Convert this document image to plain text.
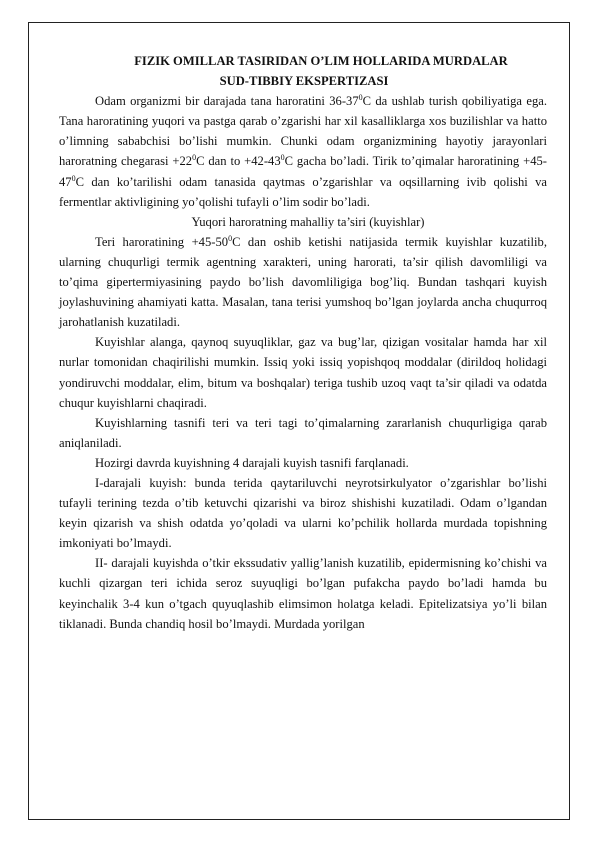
FIZIK OMILLAR TASIRIDAN O’LIM HOLLARIDA MURDALAR
SUD-TIBBIY EKSPERTIZASI

Odam organizmi bir darajada tana haroratini $36-37^0C$ da ushlab turish qobiliyatiga ega. Tana haroratining yuqori va pastga qarab o’zgarishi har xil kasalliklarga xos buzilishlar va hatto o’limning sababchisi bo’lishi mumkin. Chunki odam organizmining hayotiy jarayonlari haroratning chegarasi $+22^0C$ dan to $+42-43^0C$ gacha bo’ladi. Tirik to’qimalar haroratining $+45-47^0C$ dan ko’tarilishi odam tanasida qaytmas o’zgarishlar va oqsillarning ivib qolishi va fermentlar aktivligining yo’qolishi tufayli o’lim sodir bo’ladi.

Yuqori haroratning mahalliy ta’siri (kuyishlar)

Teri haroratining $+45-50^0C$ dan oshib ketishi natijasida termik kuyishlar kuzatilib, ularning chuqurligi termik agentning xarakteri, uning harorati, ta’sir qilish davomliligi va to’qima gipertermiyasining paydo bo’lish davomliligiga bog’liq. Bundan tashqari kuyish joylashuvining ahamiyati katta. Masalan, tana terisi yumshoq bo’lgan joylarda ancha chuqurroq jarohatlanish kuzatiladi.

Kuyishlar alanga, qaynoq suyuqliklar, gaz va bug’lar, qizigan vositalar hamda har xil nurlar tomonidan chaqirilishi mumkin. Issiq yoki issiq yopishqoq moddalar (dirildoq holidagi yondiruvchi moddalar, elim, bitum va boshqalar) teriga tushib uzoq vaqt ta’sir qiladi va odatda chuqur kuyishlarni chaqiradi.

Kuyishlarning tasnifi teri va teri tagi to’qimalarning zararlanish chuqurligiga qarab aniqlaniladi.

Hozirgi davrda kuyishning 4 darajali kuyish tasnifi farqlanadi.

I-darajali kuyish: bunda terida qaytariluvchi neyrotsirkulyator o’zgarishlar bo’lishi tufayli terining tezda o’tib ketuvchi qizarishi va biroz shishishi kuzatiladi. Odam o’lgandan keyin qizarish va shish odatda yo’qoladi va ularni ko’pchilik hollarda murdada topishning imkoniyati bo’lmaydi.

II- darajali kuyishda o’tkir ekssudativ yallig’lanish kuzatilib, epidermisning ko’chishi va kuchli qizargan teri ichida seroz suyuqligi bo’lgan pufakcha paydo bo’ladi hamda bu keyinchalik 3-4 kun o’tgach quyuqlashib elimsimon holatga keladi. Epitelizatsiya yo’li bilan tiklanadi. Bunda chandiq hosil bo’lmaydi. Murdada yorilgan
